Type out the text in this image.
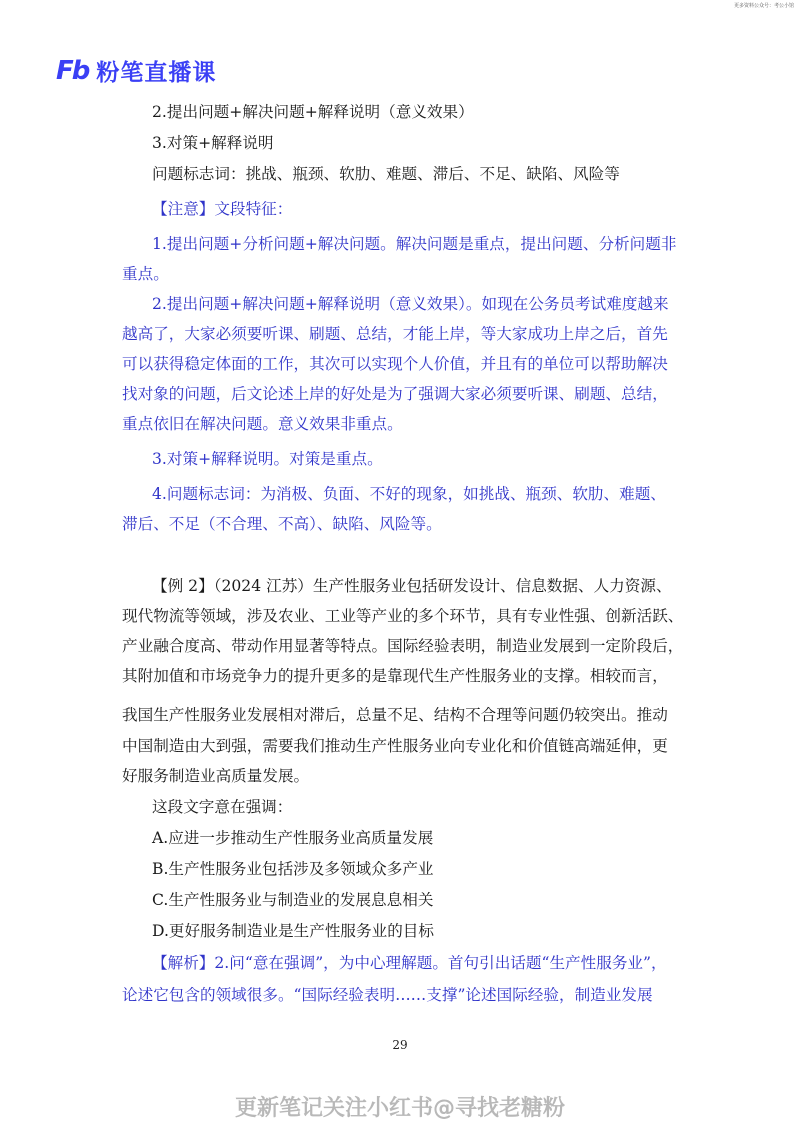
更多资料公众号：考公小馆
Fb 粉笔直播课
2.提出问题+解决问题+解释说明（意义效果）
3.对策+解释说明
问题标志词：挑战、瓶颈、软肋、难题、滞后、不足、缺陷、风险等
【注意】文段特征：
1.提出问题+分析问题+解决问题。解决问题是重点，提出问题、分析问题非
重点。
2.提出问题+解决问题+解释说明（意义效果）。如现在公务员考试难度越来
越高了，大家必须要听课、刷题、总结，才能上岸，等大家成功上岸之后，首先
可以获得稳定体面的工作，其次可以实现个人价值，并且有的单位可以帮助解决
找对象的问题，后文论述上岸的好处是为了强调大家必须要听课、刷题、总结，
重点依旧在解决问题。意义效果非重点。
3.对策+解释说明。对策是重点。
4.问题标志词：为消极、负面、不好的现象，如挑战、瓶颈、软肋、难题、
滞后、不足（不合理、不高）、缺陷、风险等。
【例 2】（2024 江苏）生产性服务业包括研发设计、信息数据、人力资源、
现代物流等领域，涉及农业、工业等产业的多个环节，具有专业性强、创新活跃、
产业融合度高、带动作用显著等特点。国际经验表明，制造业发展到一定阶段后，
其附加值和市场竞争力的提升更多的是靠现代生产性服务业的支撑。相较而言，
我国生产性服务业发展相对滞后，总量不足、结构不合理等问题仍较突出。推动
中国制造由大到强，需要我们推动生产性服务业向专业化和价值链高端延伸，更
好服务制造业高质量发展。
这段文字意在强调：
A.应进一步推动生产性服务业高质量发展
B.生产性服务业包括涉及多领域众多产业
C.生产性服务业与制造业的发展息息相关
D.更好服务制造业是生产性服务业的目标
【解析】2.问“意在强调”，为中心理解题。首句引出话题“生产性服务业”，
论述它包含的领域很多。“国际经验表明……支撑”论述国际经验，制造业发展
29
更新笔记关注小红书@寻找老糖粉
